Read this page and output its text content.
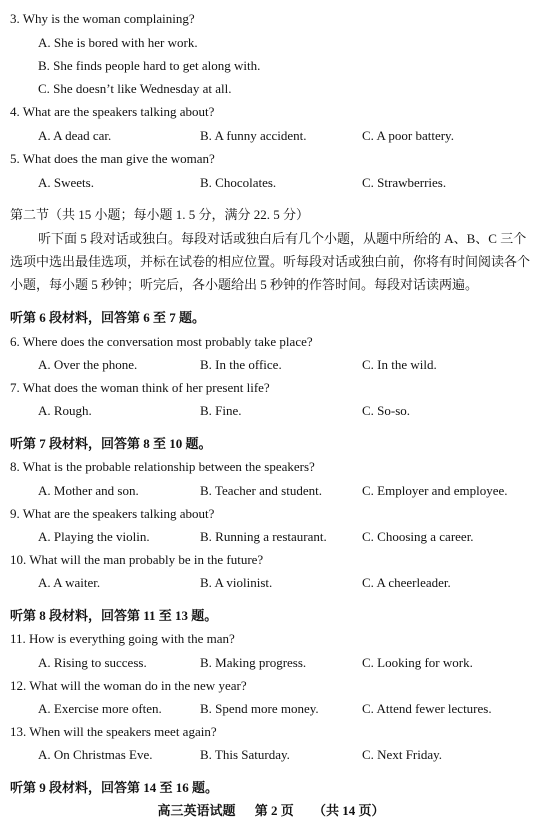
3. Why is the woman complaining?
A. She is bored with her work.
B. She finds people hard to get along with.
C. She doesn’t like Wednesday at all.
4. What are the speakers talking about?
A. A dead car.	B. A funny accident.	C. A poor battery.
5. What does the man give the woman?
A. Sweets.	B. Chocolates.	C. Strawberries.
第二节（共 15 小题；每小题 1. 5 分，满分 22. 5 分）
听下面 5 段对话或独白。每段对话或独白后有几个小题，从题中所给的 A、B、C 三个
选项中选出最佳选项，并标在试卷的相应位置。听每段对话或独白前，你将有时间阅读各个
小题，每小题 5 秒钟；听完后，各小题给出 5 秒钟的作答时间。每段对话读两遍。
听第 6 段材料，回答第 6 至 7 题。
6. Where does the conversation most probably take place?
A. Over the phone.	B. In the office.	C. In the wild.
7. What does the woman think of her present life?
A. Rough.	B. Fine.	C. So-so.
听第 7 段材料，回答第 8 至 10 题。
8. What is the probable relationship between the speakers?
A. Mother and son.	B. Teacher and student.	C. Employer and employee.
9. What are the speakers talking about?
A. Playing the violin.	B. Running a restaurant.	C. Choosing a career.
10. What will the man probably be in the future?
A. A waiter.	B. A violinist.	C. A cheerleader.
听第 8 段材料，回答第 11 至 13 题。
11. How is everything going with the man?
A. Rising to success.	B. Making progress.	C. Looking for work.
12. What will the woman do in the new year?
A. Exercise more often.	B. Spend more money.	C. Attend fewer lectures.
13. When will the speakers meet again?
A. On Christmas Eve.	B. This Saturday.	C. Next Friday.
听第 9 段材料，回答第 14 至 16 题。
高三英语试题 第 2 页 （共 14 页）
